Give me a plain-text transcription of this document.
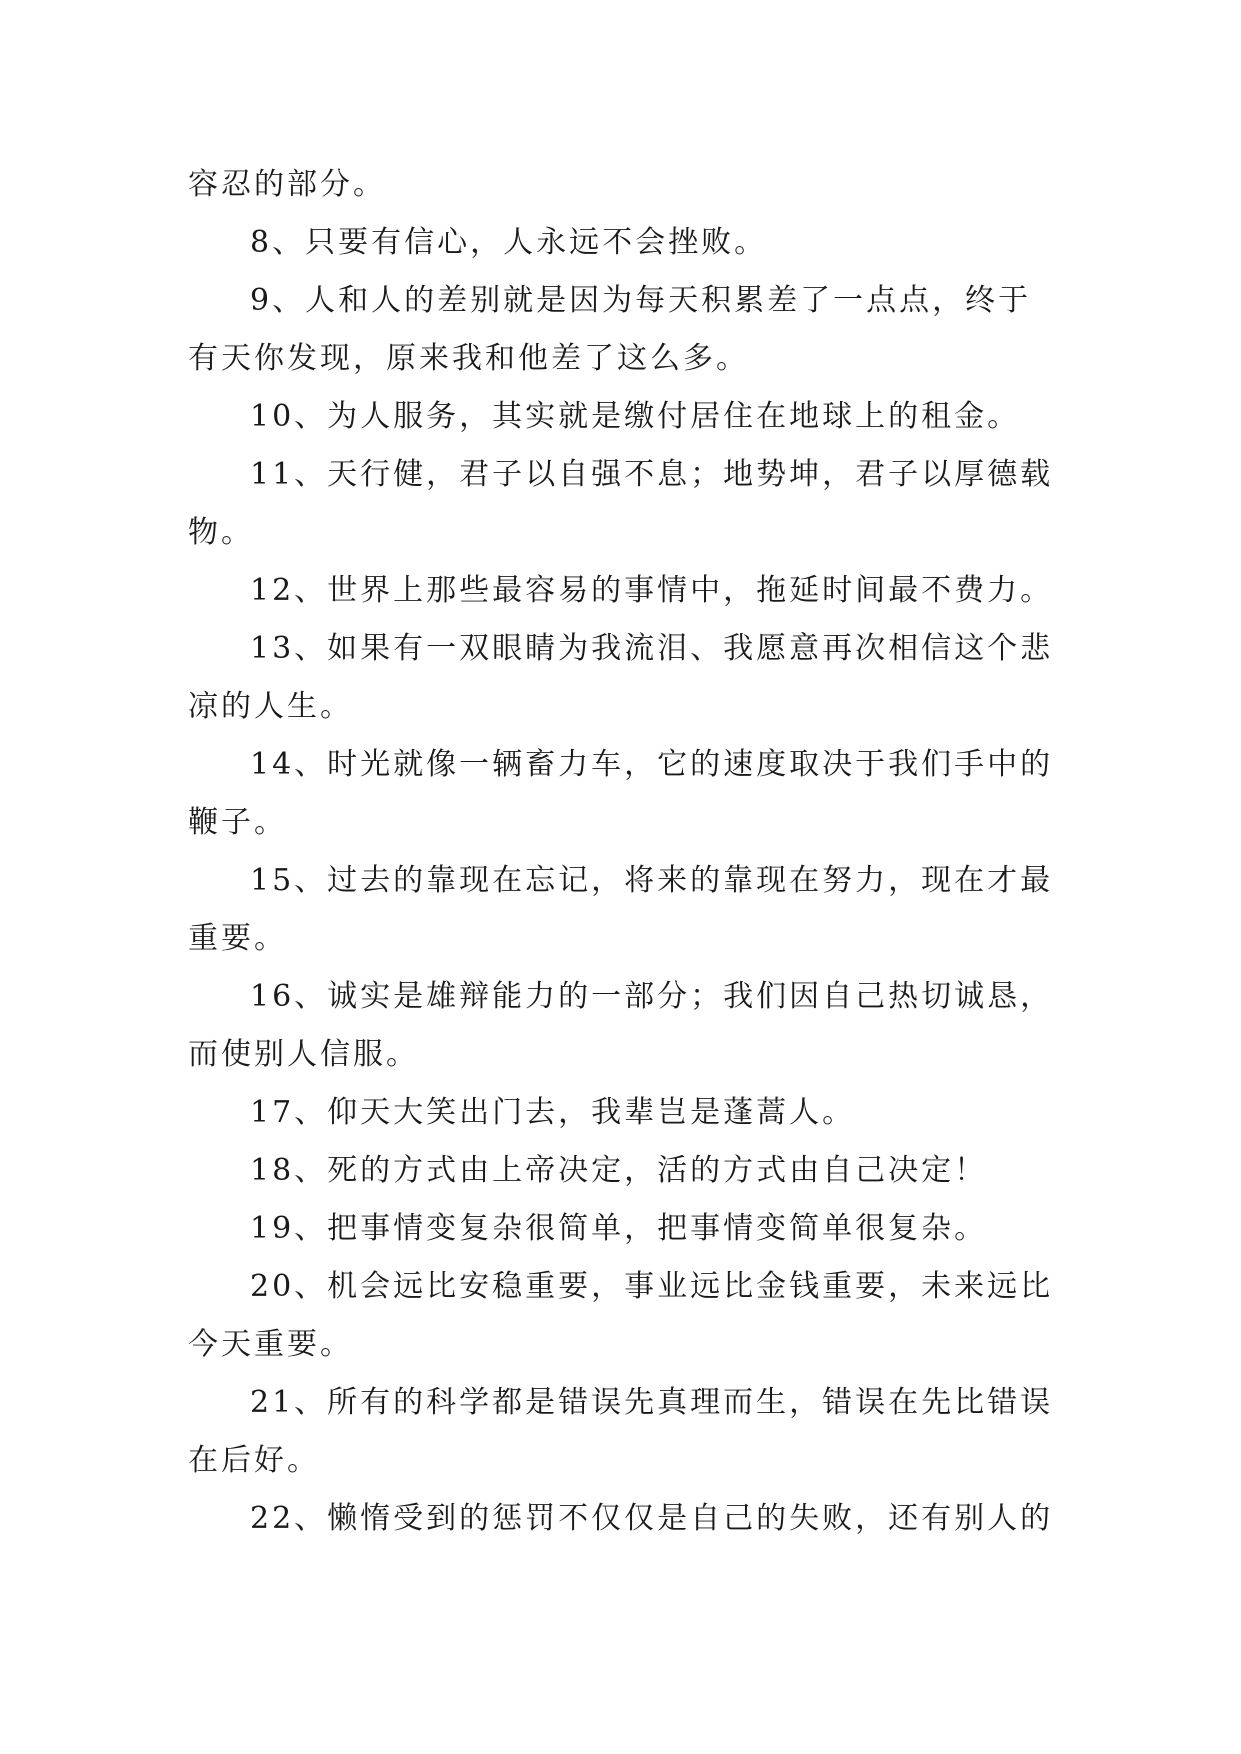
容忍的部分。
8、只要有信心，人永远不会挫败。
9、人和人的差别就是因为每天积累差了一点点，终于
有天你发现，原来我和他差了这么多。
10、为人服务，其实就是缴付居住在地球上的租金。
11、天行健，君子以自强不息；地势坤，君子以厚德载
物。
12、世界上那些最容易的事情中，拖延时间最不费力。
13、如果有一双眼睛为我流泪、我愿意再次相信这个悲
凉的人生。
14、时光就像一辆畜力车，它的速度取决于我们手中的
鞭子。
15、过去的靠现在忘记，将来的靠现在努力，现在才最
重要。
16、诚实是雄辩能力的一部分；我们因自己热切诚恳，
而使别人信服。
17、仰天大笑出门去，我辈岂是蓬蒿人。
18、死的方式由上帝决定，活的方式由自己决定！
19、把事情变复杂很简单，把事情变简单很复杂。
20、机会远比安稳重要，事业远比金钱重要，未来远比
今天重要。
21、所有的科学都是错误先真理而生，错误在先比错误
在后好。
22、懒惰受到的惩罚不仅仅是自己的失败，还有别人的
